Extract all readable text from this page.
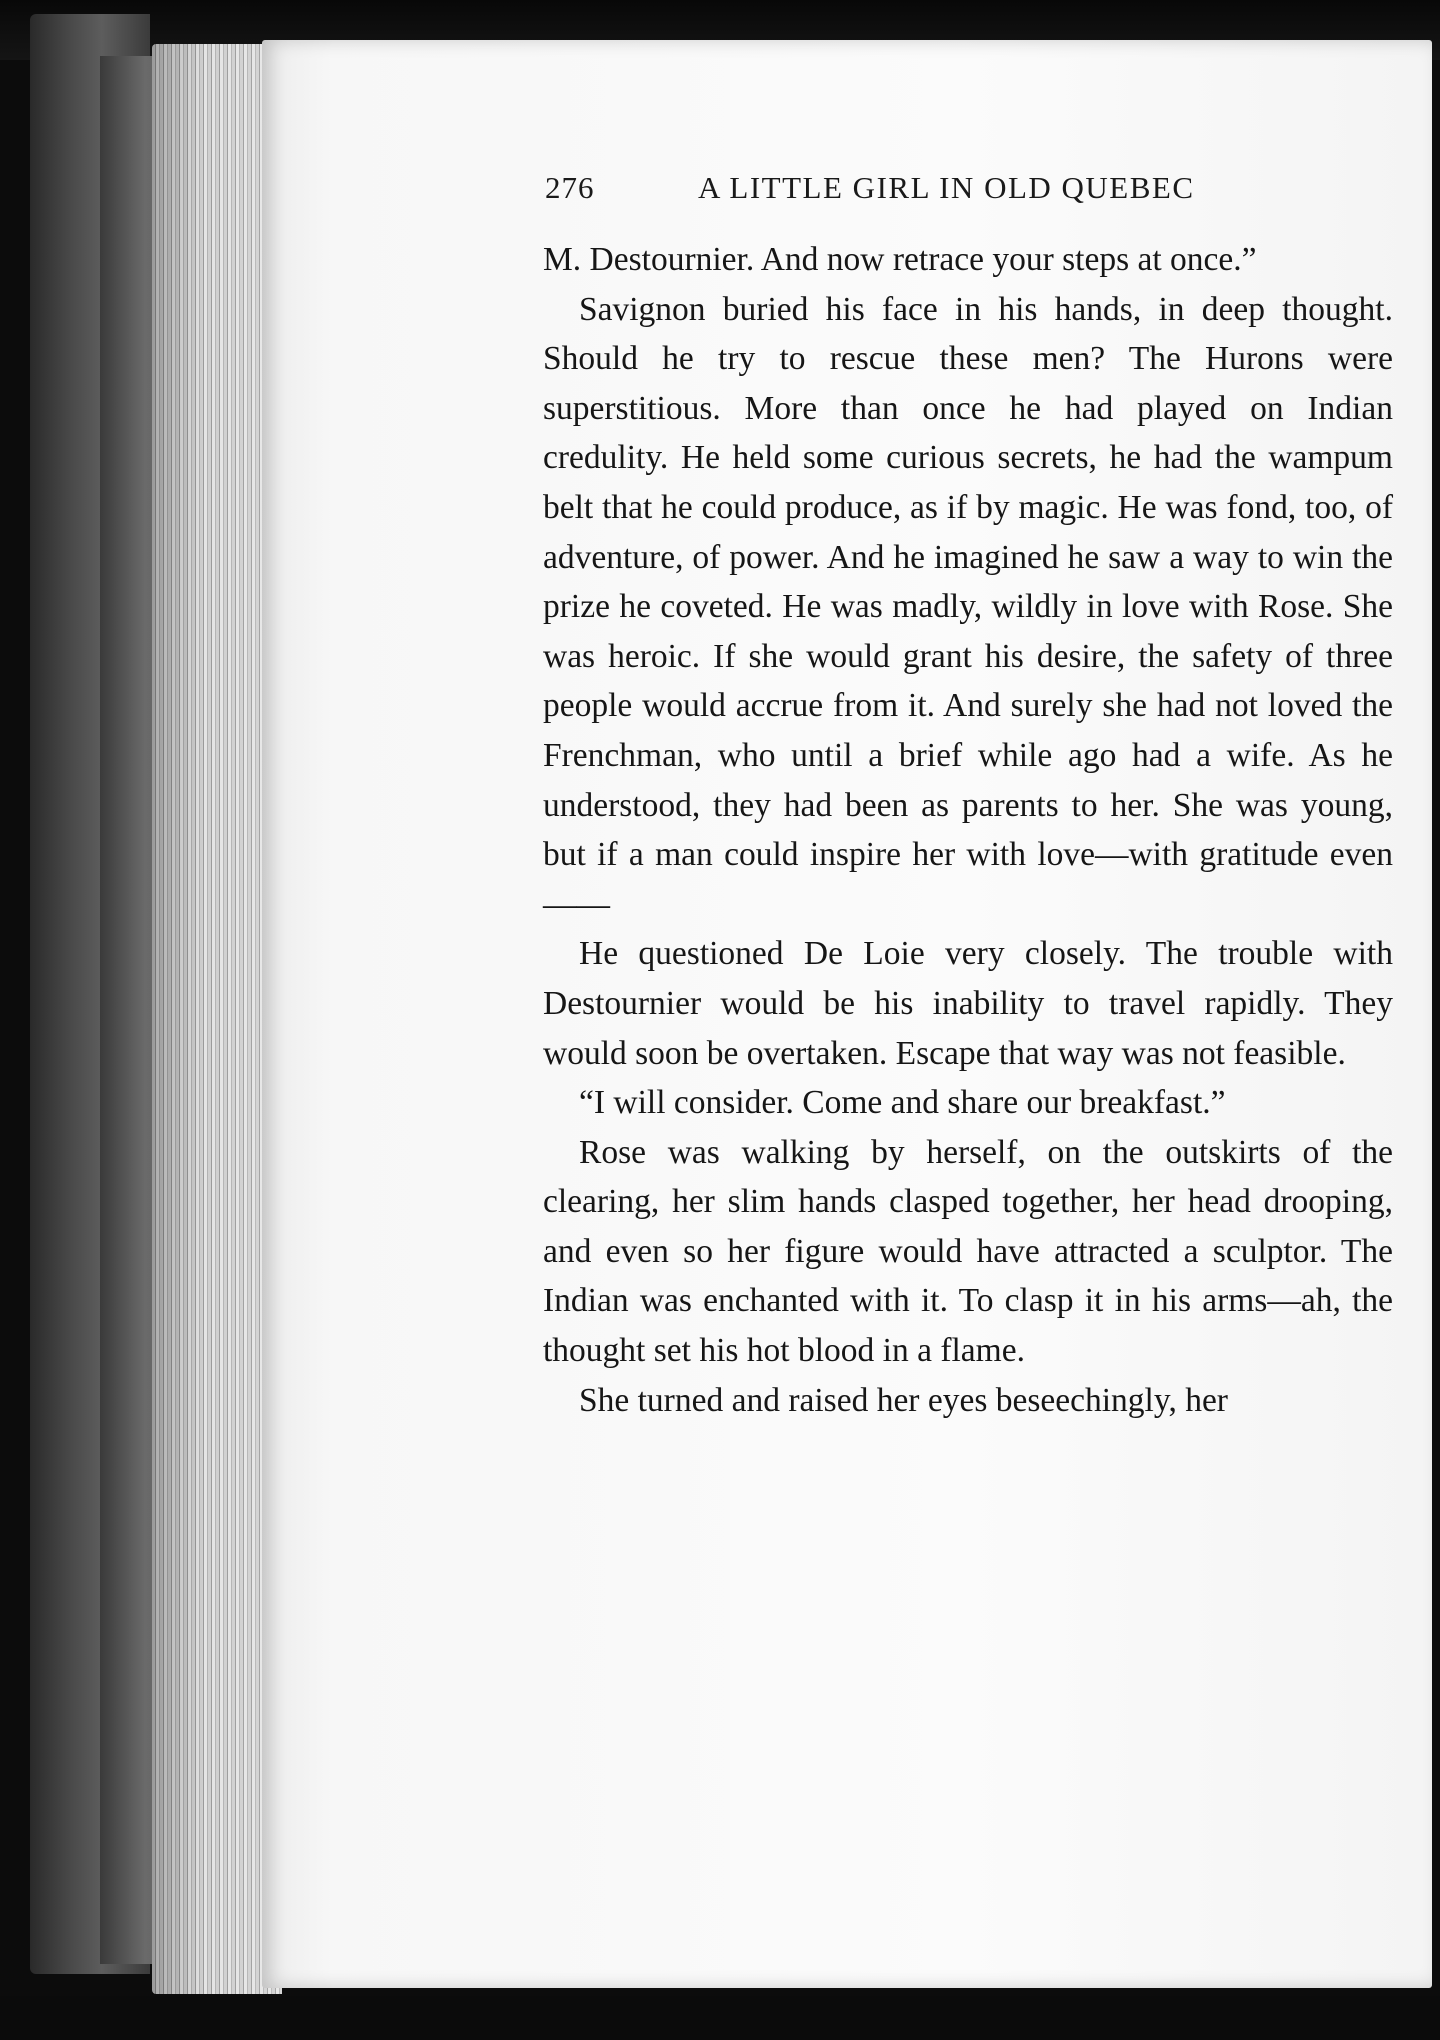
276	A LITTLE GIRL IN OLD QUEBEC

M. Destournier. And now retrace your steps at once.”

Savignon buried his face in his hands, in deep thought. Should he try to rescue these men? The Hurons were superstitious. More than once he had played on Indian credulity. He held some curious secrets, he had the wampum belt that he could produce, as if by magic. He was fond, too, of adventure, of power. And he imagined he saw a way to win the prize he coveted. He was madly, wildly in love with Rose. She was heroic. If she would grant his desire, the safety of three people would accrue from it. And surely she had not loved the Frenchman, who until a brief while ago had a wife. As he understood, they had been as parents to her. She was young, but if a man could inspire her with love—with gratitude even——

He questioned De Loie very closely. The trouble with Destournier would be his inability to travel rapidly. They would soon be overtaken. Escape that way was not feasible.

“I will consider. Come and share our breakfast.”

Rose was walking by herself, on the outskirts of the clearing, her slim hands clasped together, her head drooping, and even so her figure would have attracted a sculptor. The Indian was enchanted with it. To clasp it in his arms—ah, the thought set his hot blood in a flame.

She turned and raised her eyes beseechingly, her
